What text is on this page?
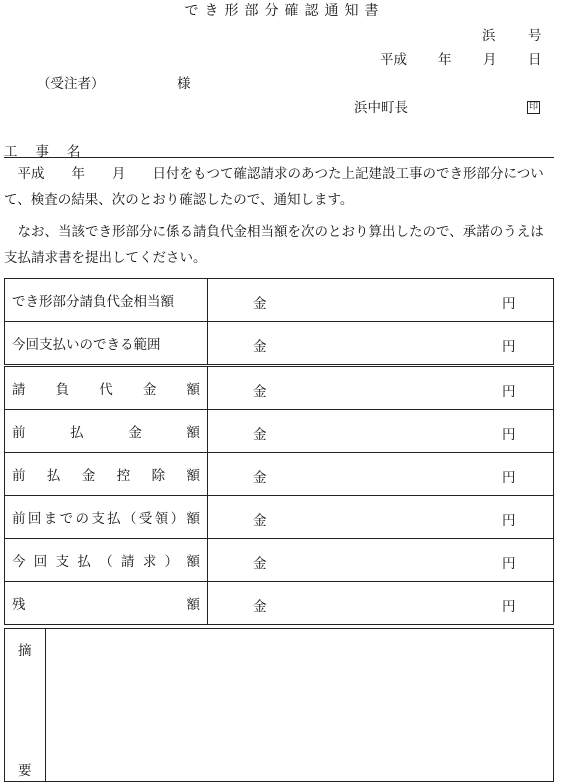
でき形部分確認通知書
浜 号
平成 年 月 日
（受注者）	様
浜中町長	印
工事名
　平成　　年　　月　　日付をもつて確認請求のあつた上記建設工事のでき形部分について、検査の結果、次のとおり確認したので、通知します。
　なお、当該でき形部分に係る請負代金相当額を次のとおり算出したので、承諾のうえは支払請求書を提出してください。
でき形部分請負代金相当額	金 円

今回支払いのできる範囲	金 円

請負代金額	金 円

前払金額	金 円

前払金控除額	金 円

前回までの支払（受領）額	金 円

今回支払（請求）額	金 円

残額	金 円
摘
要
